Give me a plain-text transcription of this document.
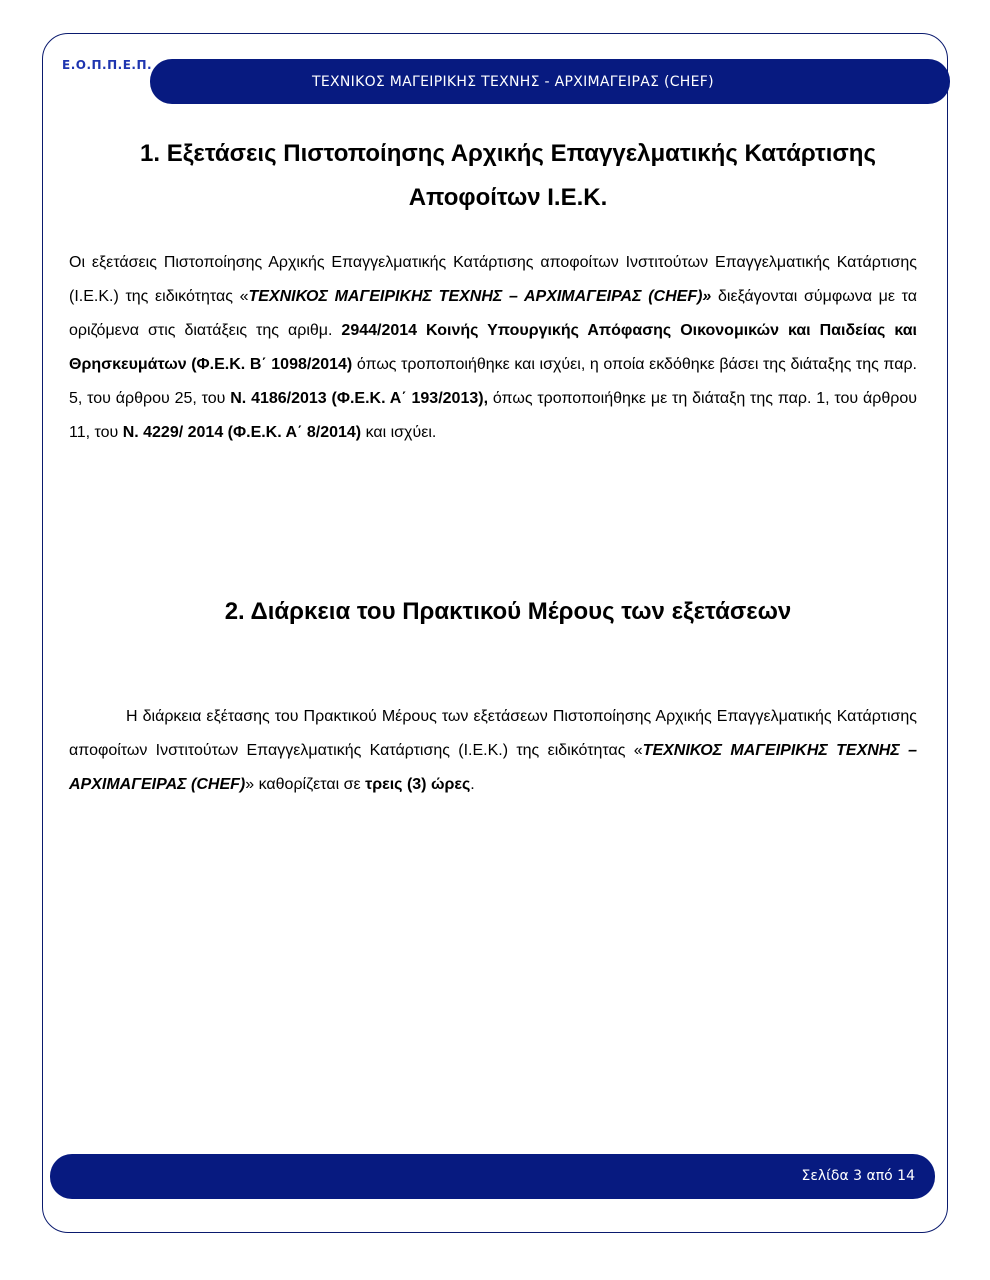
Ε.Ο.Π.Π.Ε.Π.
ΤΕΧΝΙΚΟΣ ΜΑΓΕΙΡΙΚΗΣ ΤΕΧΝΗΣ - ΑΡΧΙΜΑΓΕΙΡΑΣ (CHEF)
1. Εξετάσεις Πιστοποίησης Αρχικής Επαγγελματικής Κατάρτισης
Αποφοίτων Ι.Ε.Κ.
Οι εξετάσεις Πιστοποίησης Αρχικής Επαγγελματικής Κατάρτισης αποφοίτων Ινστιτούτων Επαγγελματικής Κατάρτισης (Ι.Ε.Κ.) της ειδικότητας «ΤΕΧΝΙΚΟΣ ΜΑΓΕΙΡΙΚΗΣ ΤΕΧΝΗΣ – ΑΡΧΙΜΑΓΕΙΡΑΣ (CHEF)» διεξάγονται σύμφωνα με τα οριζόμενα στις διατάξεις της αριθμ. 2944/2014 Κοινής Υπουργικής Απόφασης Οικονομικών και Παιδείας και Θρησκευμάτων (Φ.Ε.Κ. Β΄ 1098/2014) όπως τροποποιήθηκε και ισχύει, η οποία εκδόθηκε βάσει της διάταξης της παρ. 5, του άρθρου 25, του Ν. 4186/2013 (Φ.Ε.Κ. Α΄ 193/2013), όπως τροποποιήθηκε με τη διάταξη της παρ. 1, του άρθρου 11, του Ν. 4229/ 2014 (Φ.Ε.Κ. Α΄ 8/2014) και ισχύει.
2. Διάρκεια του Πρακτικού Μέρους των εξετάσεων
Η διάρκεια εξέτασης του Πρακτικού Μέρους των εξετάσεων Πιστοποίησης Αρχικής Επαγγελματικής Κατάρτισης αποφοίτων Ινστιτούτων Επαγγελματικής Κατάρτισης (Ι.Ε.Κ.) της ειδικότητας «ΤΕΧΝΙΚΟΣ ΜΑΓΕΙΡΙΚΗΣ ΤΕΧΝΗΣ – ΑΡΧΙΜΑΓΕΙΡΑΣ (CHEF)» καθορίζεται σε τρεις (3) ώρες.
Σελίδα 3 από 14
